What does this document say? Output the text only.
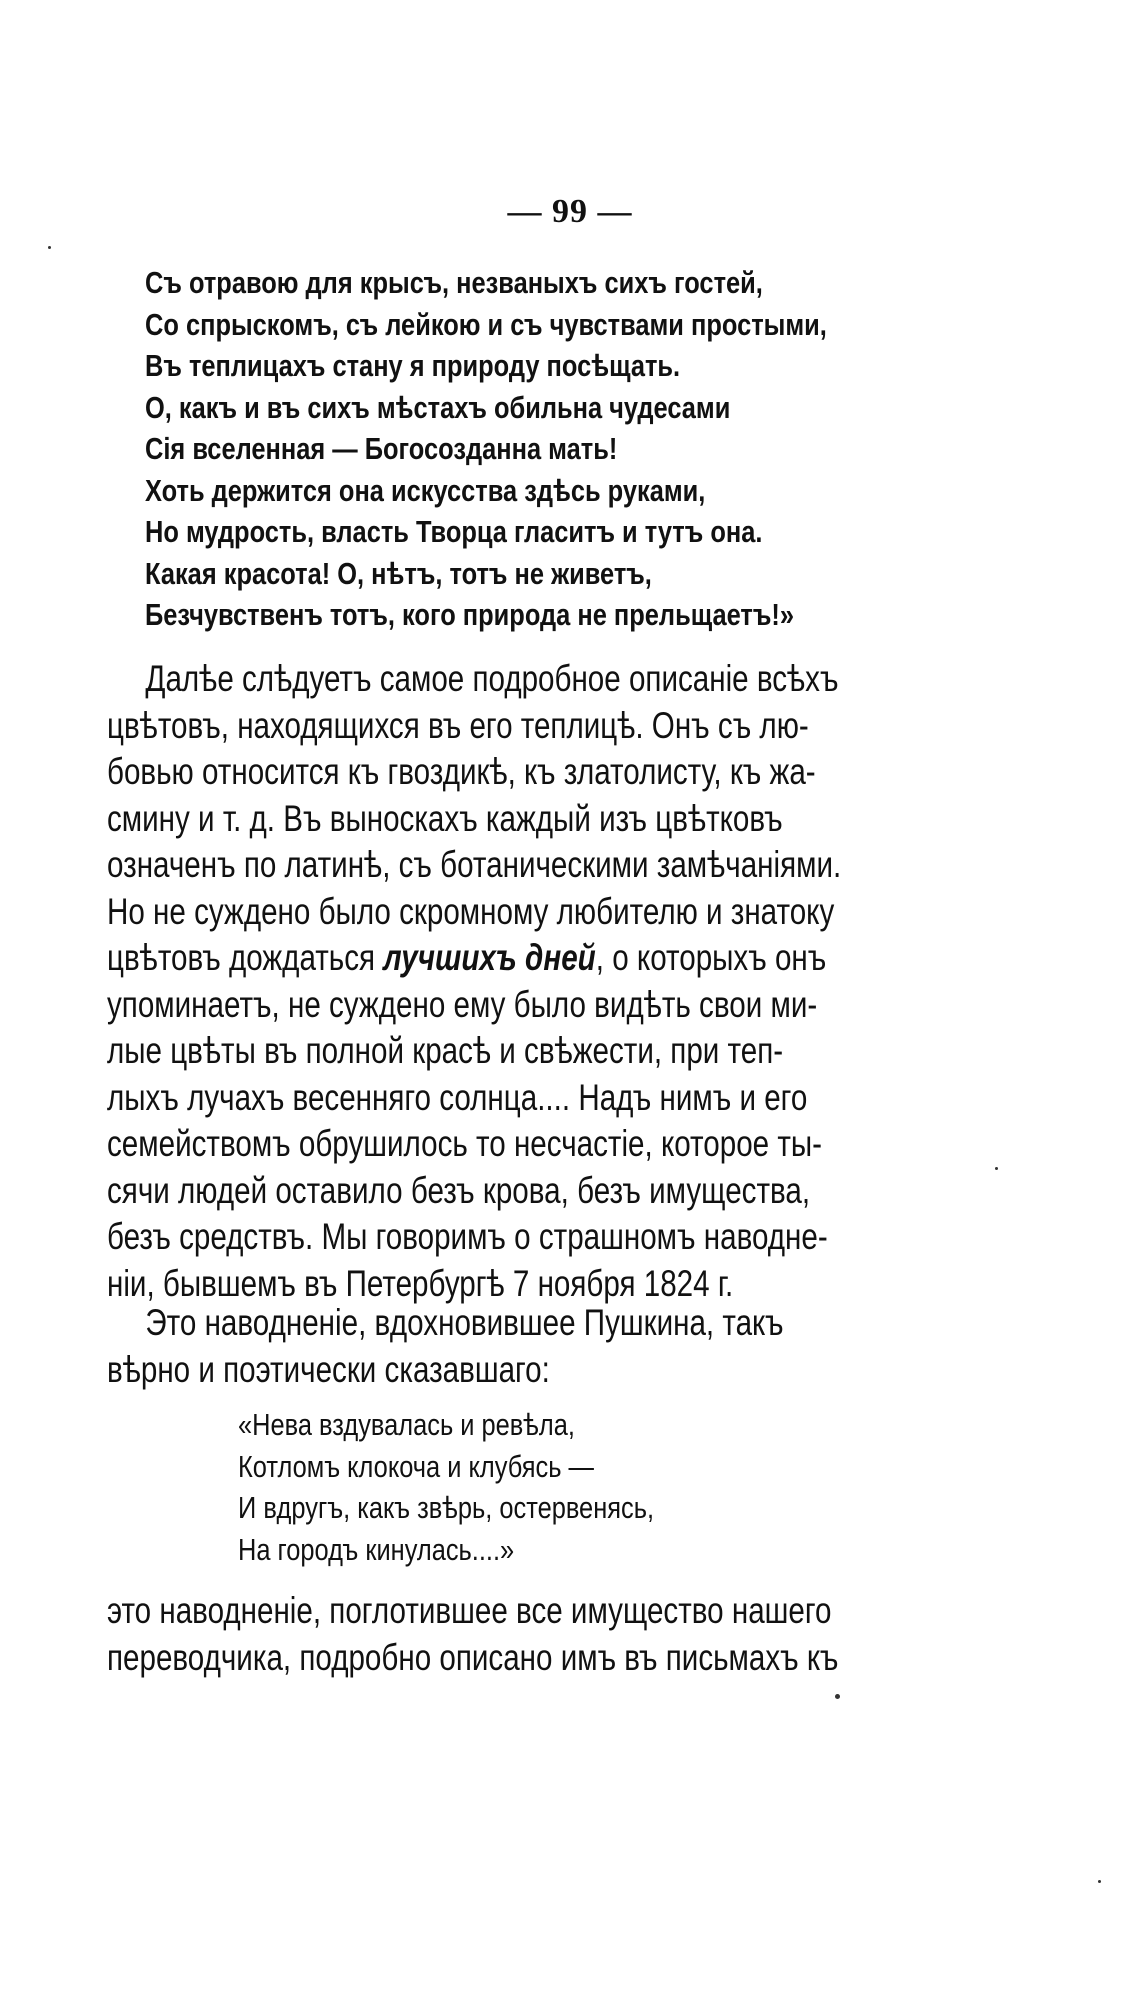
— 99 —
Съ отравою для крысъ, незваныхъ сихъ гостей,
Со спрыскомъ, съ лейкою и съ чувствами простыми,
Въ теплицахъ стану я природу посѣщать.
О, какъ и въ сихъ мѣстахъ обильна чудесами
Сія вселенная — Богосозданна мать!
Хоть держится она искусства здѣсь руками,
Но мудрость, власть Творца гласитъ и тутъ она.
Какая красота! О, нѣтъ, тотъ не живетъ,
Безчувственъ тотъ, кого природа не прельщаетъ!»
Далѣе слѣдуетъ самое подробное описаніе всѣхъ
цвѣтовъ, находящихся въ его теплицѣ. Онъ съ лю-
бовью относится къ гвоздикѣ, къ златолисту, къ жа-
смину и т. д. Въ выноскахъ каждый изъ цвѣтковъ
означенъ по латинѣ, съ ботаническими замѣчаніями.
Но не суждено было скромному любителю и знатоку
цвѣтовъ дождаться лучшихъ дней, о которыхъ онъ
упоминаетъ, не суждено ему было видѣть свои ми-
лые цвѣты въ полной красѣ и свѣжести, при теп-
лыхъ лучахъ весенняго солнца.... Надъ нимъ и его
семействомъ обрушилось то несчастіе, которое ты-
сячи людей оставило безъ крова, безъ имущества,
безъ средствъ. Мы говоримъ о страшномъ наводне-
ніи, бывшемъ въ Петербургѣ 7 ноября 1824 г.
Это наводненіе, вдохновившее Пушкина, такъ
вѣрно и поэтически сказавшаго:
«Нева вздувалась и ревѣла,
Котломъ клокоча и клубясь —
И вдругъ, какъ звѣрь, остервенясь,
На городъ кинулась....»
это наводненіе, поглотившее все имущество нашего
переводчика, подробно описано имъ въ письмахъ къ
